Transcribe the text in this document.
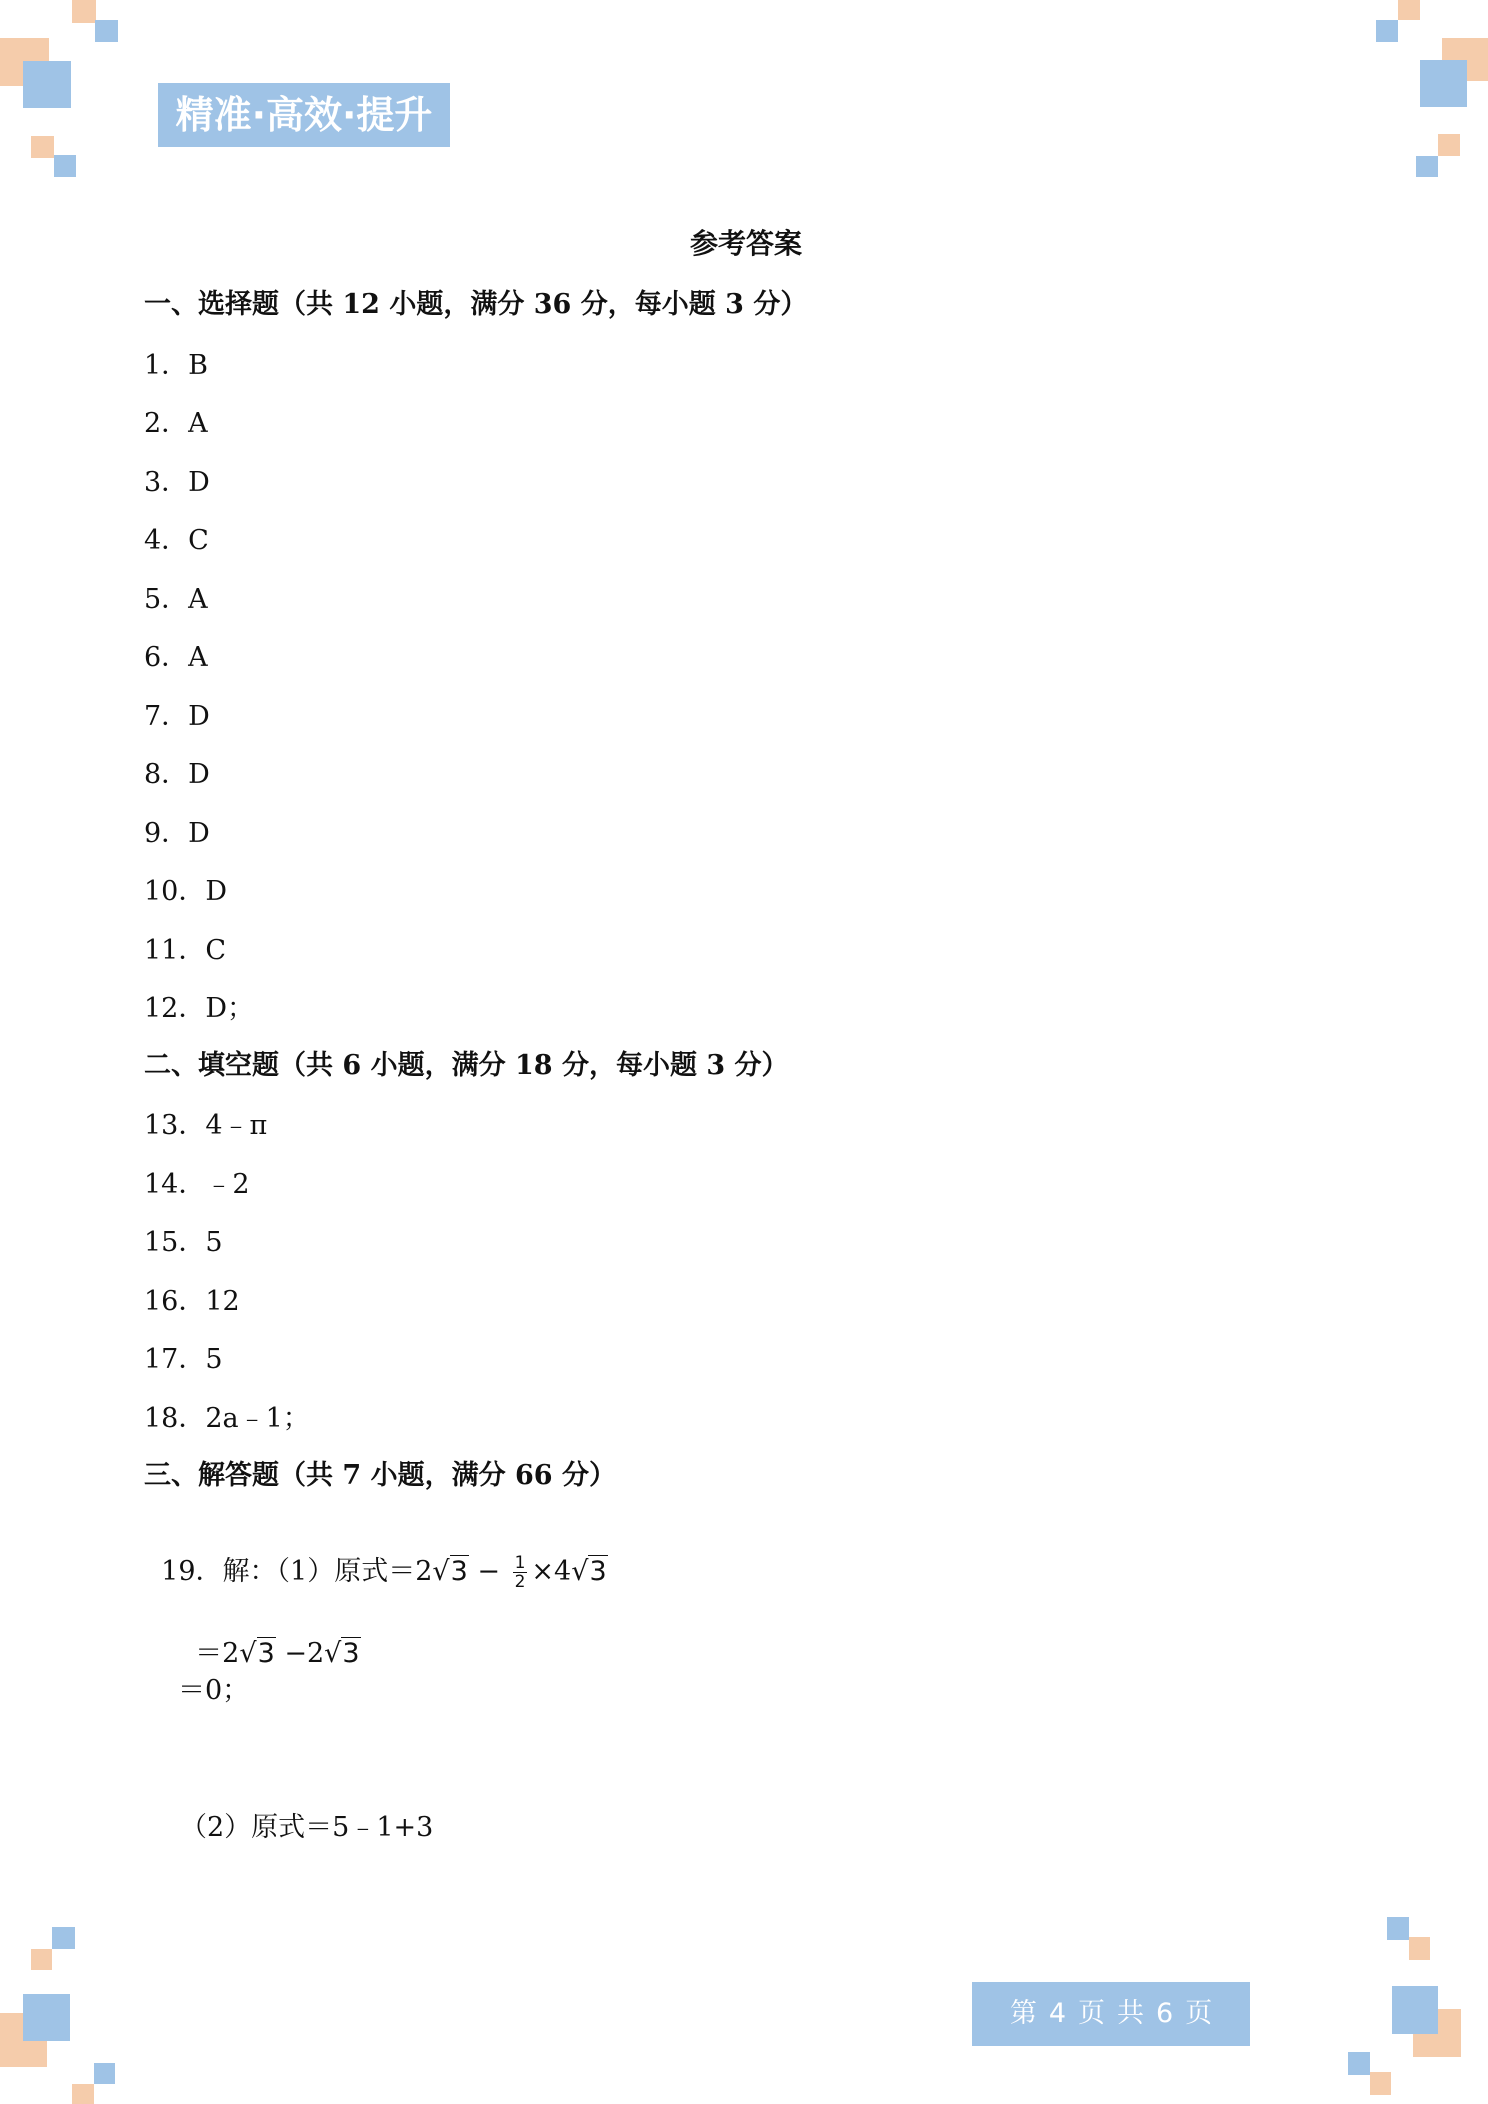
精准·高效·提升
参考答案
一、选择题（共 12 小题，满分 36 分，每小题 3 分）
1．B
2．A
3．D
4．C
5．A
6．A
7．D
8．D
9．D
10．D
11．C
12．D；
二、填空题（共 6 小题，满分 18 分，每小题 3 分）
13．4﹣π
14．﹣2
15．5
16．12
17．5
18．2a﹣1；
三、解答题（共 7 小题，满分 66 分）

19．解：（1）原式$=2√3 - \frac{1}{2} \times 4√3$

＝2√3 −2√3

＝0；
（2）原式＝5﹣1+3
第 4 页 共 6 页
